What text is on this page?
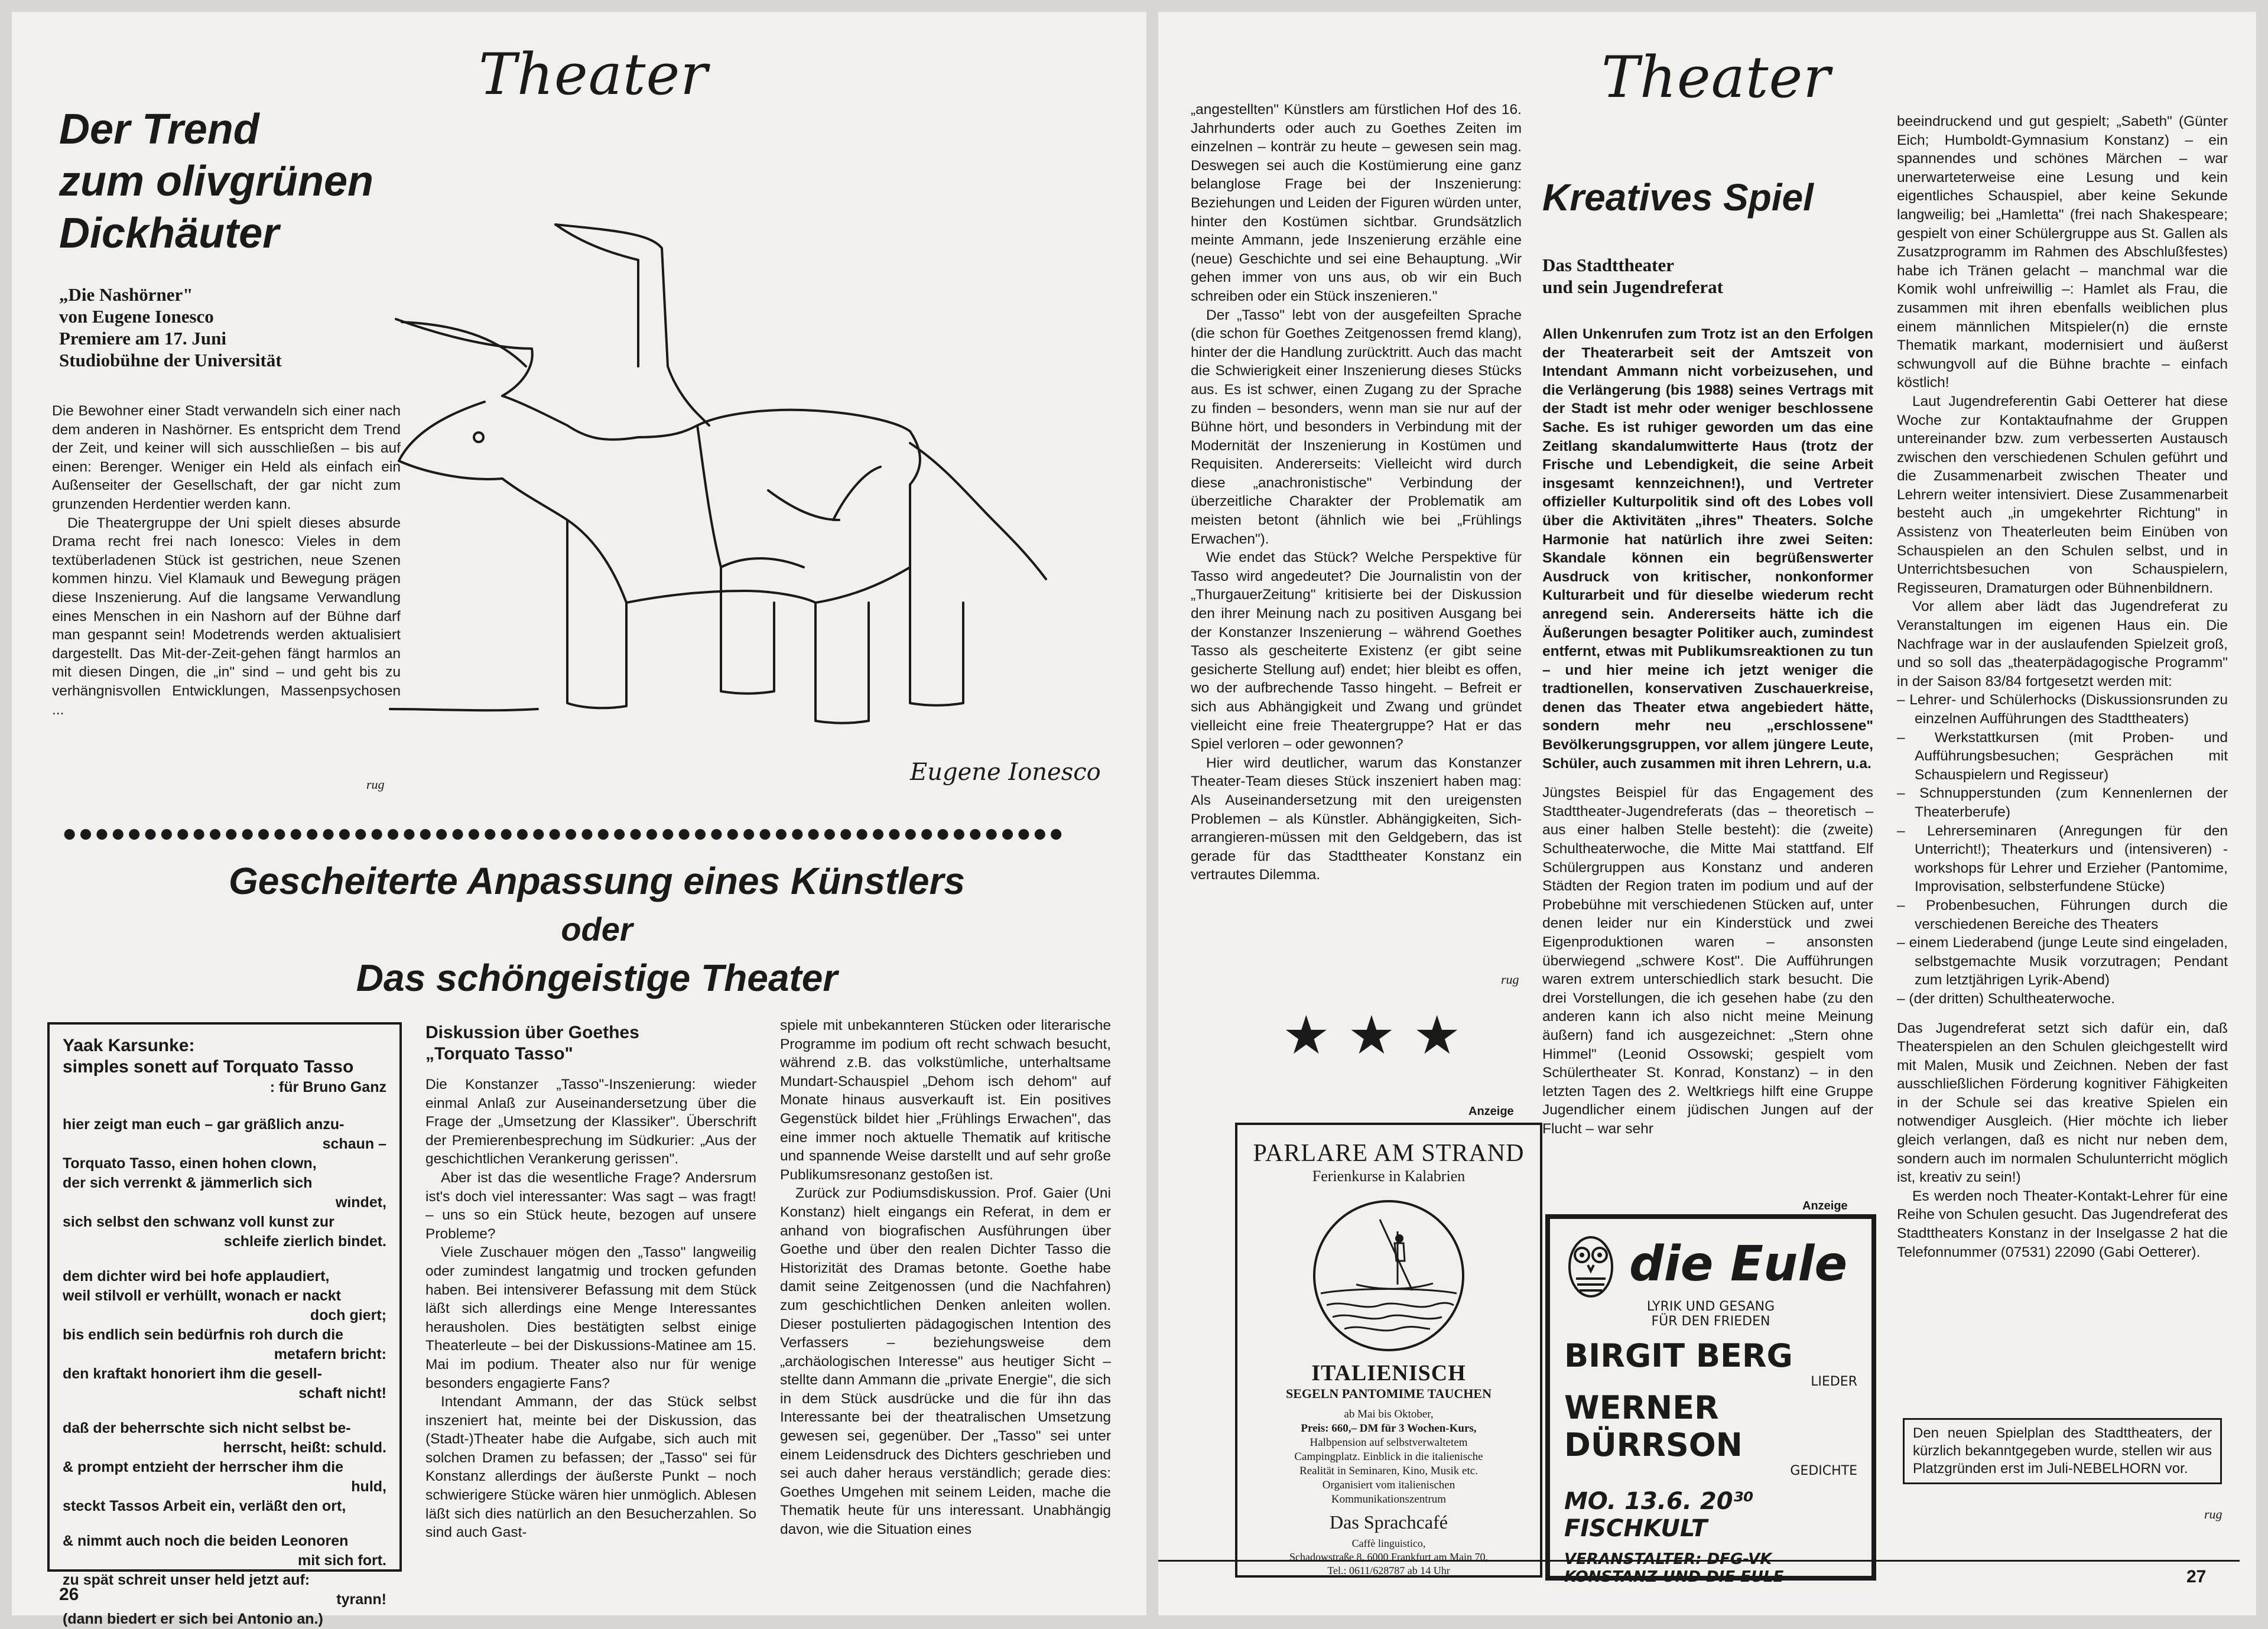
Theater
Der Trend
zum olivgrünen
Dickhäuter
„Die Nashörner"
von Eugene Ionesco
Premiere am 17. Juni
Studiobühne der Universität

Die Bewohner einer Stadt verwandeln sich einer nach dem anderen in Nashörner. Es entspricht dem Trend der Zeit, und keiner will sich ausschließen – bis auf einen: Berenger. Weniger ein Held als einfach ein Außenseiter der Gesellschaft, der gar nicht zum grunzenden Herdentier werden kann.

Die Theatergruppe der Uni spielt dieses absurde Drama recht frei nach Ionesco: Vieles in dem textüberladenen Stück ist gestrichen, neue Szenen kommen hinzu. Viel Klamauk und Bewegung prägen diese Inszenierung. Auf die langsame Verwandlung eines Menschen in ein Nashorn auf der Bühne darf man gespannt sein! Modetrends werden aktualisiert dargestellt. Das Mit-der-Zeit-gehen fängt harmlos an mit diesen Dingen, die „in" sind – und geht bis zu verhängnisvollen Entwicklungen, Massenpsychosen ...

rug	Eugene Ionesco
●●●●●●●●●●●●●●●●●●●●●●●●●●●●●●●●●●●●●●●●●●●●●●●●●●●●●●●●●●●●●●
Gescheiterte Anpassung eines Künstlers
oder
Das schöngeistige Theater
Yaak Karsunke:
simples sonett auf Torquato Tasso
: für Bruno Ganz
hier zeigt man euch – gar gräßlich anzu-
schaun –
Torquato Tasso, einen hohen clown,
der sich verrenkt & jämmerlich sich
windet,
sich selbst den schwanz voll kunst zur
schleife zierlich bindet.
dem dichter wird bei hofe applaudiert,
weil stilvoll er verhüllt, wonach er nackt
doch giert;
bis endlich sein bedürfnis roh durch die
metafern bricht:
den kraftakt honoriert ihm die gesell-
schaft nicht!
daß der beherrschte sich nicht selbst be-
herrscht, heißt: schuld.
& prompt entzieht der herrscher ihm die
huld,
steckt Tassos Arbeit ein, verläßt den ort,
& nimmt auch noch die beiden Leonoren
mit sich fort.
zu spät schreit unser held jetzt auf:
tyrann!
(dann biedert er sich bei Antonio an.)
Diskussion über Goethes
„Torquato Tasso"

Die Konstanzer „Tasso"-Inszenierung: wieder einmal Anlaß zur Auseinandersetzung über die Frage der „Umsetzung der Klassiker". Überschrift der Premierenbesprechung im Südkurier: „Aus der geschichtlichen Verankerung gerissen".

Aber ist das die wesentliche Frage? Andersrum ist's doch viel interessanter: Was sagt – was fragt! – uns so ein Stück heute, bezogen auf unsere Probleme?

Viele Zuschauer mögen den „Tasso" langweilig oder zumindest langatmig und trocken gefunden haben. Bei intensiverer Befassung mit dem Stück läßt sich allerdings eine Menge Interessantes herausholen. Dies bestätigten selbst einige Theaterleute – bei der Diskussions-Matinee am 15. Mai im podium. Theater also nur für wenige besonders engagierte Fans?

Intendant Ammann, der das Stück selbst inszeniert hat, meinte bei der Diskussion, das (Stadt-)Theater habe die Aufgabe, sich auch mit solchen Dramen zu befassen; der „Tasso" sei für Konstanz allerdings der äußerste Punkt – noch schwierigere Stücke wären hier unmöglich. Ablesen läßt sich dies natürlich an den Besucherzahlen. So sind auch Gast-

spiele mit unbekannteren Stücken oder literarische Programme im podium oft recht schwach besucht, während z.B. das volkstümliche, unterhaltsame Mundart-Schauspiel „Dehom isch dehom" auf Monate hinaus ausverkauft ist. Ein positives Gegenstück bildet hier „Frühlings Erwachen", das eine immer noch aktuelle Thematik auf kritische und spannende Weise darstellt und auf sehr große Publikumsresonanz gestoßen ist.

Zurück zur Podiumsdiskussion. Prof. Gaier (Uni Konstanz) hielt eingangs ein Referat, in dem er anhand von biografischen Ausführungen über Goethe und über den realen Dichter Tasso die Historizität des Dramas betonte. Goethe habe damit seine Zeitgenossen (und die Nachfahren) zum geschichtlichen Denken anleiten wollen. Dieser postulierten pädagogischen Intention des Verfassers – beziehungsweise dem „archäologischen Interesse" aus heutiger Sicht – stellte dann Ammann die „private Energie", die sich in dem Stück ausdrücke und die für ihn das Interessante bei der theatralischen Umsetzung gewesen sei, gegenüber. Der „Tasso" sei unter einem Leidensdruck des Dichters geschrieben und sei auch daher heraus verständlich; gerade dies: Goethes Umgehen mit seinem Leiden, mache die Thematik heute für uns interessant. Unabhängig davon, wie die Situation eines

26
Theater

„angestellten" Künstlers am fürstlichen Hof des 16. Jahrhunderts oder auch zu Goethes Zeiten im einzelnen – konträr zu heute – gewesen sein mag. Deswegen sei auch die Kostümierung eine ganz belanglose Frage bei der Inszenierung: Beziehungen und Leiden der Figuren würden unter, hinter den Kostümen sichtbar. Grundsätzlich meinte Ammann, jede Inszenierung erzähle eine (neue) Geschichte und sei eine Behauptung. „Wir gehen immer von uns aus, ob wir ein Buch schreiben oder ein Stück inszenieren."

Der „Tasso" lebt von der ausgefeilten Sprache (die schon für Goethes Zeitgenossen fremd klang), hinter der die Handlung zurücktritt. Auch das macht die Schwierigkeit einer Inszenierung dieses Stücks aus. Es ist schwer, einen Zugang zu der Sprache zu finden – besonders, wenn man sie nur auf der Bühne hört, und besonders in Verbindung mit der Modernität der Inszenierung in Kostümen und Requisiten. Andererseits: Vielleicht wird durch diese „anachronistische" Verbindung der überzeitliche Charakter der Problematik am meisten betont (ähnlich wie bei „Frühlings Erwachen").

Wie endet das Stück? Welche Perspektive für Tasso wird angedeutet? Die Journalistin von der „ThurgauerZeitung" kritisierte bei der Diskussion den ihrer Meinung nach zu positiven Ausgang bei der Konstanzer Inszenierung – während Goethes Tasso als gescheiterte Existenz (er gibt seine gesicherte Stellung auf) endet; hier bleibt es offen, wo der aufbrechende Tasso hingeht. – Befreit er sich aus Abhängigkeit und Zwang und gründet vielleicht eine freie Theatergruppe? Hat er das Spiel verloren – oder gewonnen?

Hier wird deutlicher, warum das Konstanzer Theater-Team dieses Stück inszeniert haben mag: Als Auseinandersetzung mit den ureigensten Problemen – als Künstler. Abhängigkeiten, Sich-arrangieren-müssen mit den Geldgebern, das ist gerade für das Stadttheater Konstanz ein vertrautes Dilemma.

rug
★★★
Anzeige
PARLARE AM STRAND
Ferienkurse in Kalabrien
ITALIENISCH
SEGELN PANTOMIME TAUCHEN
ab Mai bis Oktober,
Preis: 660,– DM für 3 Wochen-Kurs,
Halbpension auf selbstverwaltetem
Campingplatz. Einblick in die italienische
Realität in Seminaren, Kino, Musik etc.
Organisiert vom italienischen
Kommunikationszentrum
Das Sprachcafé
Caffè linguistico,
Schadowstraße 8, 6000 Frankfurt am Main 70,
Tel.: 0611/628787 ab 14 Uhr
Kreatives Spiel
Das Stadttheater
und sein Jugendreferat

Allen Unkenrufen zum Trotz ist an den Erfolgen der Theaterarbeit seit der Amtszeit von Intendant Ammann nicht vorbeizusehen, und die Verlängerung (bis 1988) seines Vertrags mit der Stadt ist mehr oder weniger beschlossene Sache. Es ist ruhiger geworden um das eine Zeitlang skandalumwitterte Haus (trotz der Frische und Lebendigkeit, die seine Arbeit insgesamt kennzeichnen!), und Vertreter offizieller Kulturpolitik sind oft des Lobes voll über die Aktivitäten „ihres" Theaters. Solche Harmonie hat natürlich ihre zwei Seiten: Skandale können ein begrüßenswerter Ausdruck von kritischer, nonkonformer Kulturarbeit und für dieselbe wiederum recht anregend sein. Andererseits hätte ich die Äußerungen besagter Politiker auch, zumindest entfernt, etwas mit Publikumsreaktionen zu tun – und hier meine ich jetzt weniger die tradtionellen, konservativen Zuschauerkreise, denen das Theater etwa angebiedert hätte, sondern mehr neu „erschlossene" Bevölkerungsgruppen, vor allem jüngere Leute, Schüler, auch zusammen mit ihren Lehrern, u.a.

Jüngstes Beispiel für das Engagement des Stadttheater-Jugendreferats (das – theoretisch – aus einer halben Stelle besteht): die (zweite) Schultheaterwoche, die Mitte Mai stattfand. Elf Schülergruppen aus Konstanz und anderen Städten der Region traten im podium und auf der Probebühne mit verschiedenen Stücken auf, unter denen leider nur ein Kinderstück und zwei Eigenproduktionen waren – ansonsten überwiegend „schwere Kost". Die Aufführungen waren extrem unterschiedlich stark besucht. Die drei Vorstellungen, die ich gesehen habe (zu den anderen kann ich also nicht meine Meinung äußern) fand ich ausgezeichnet: „Stern ohne Himmel" (Leonid Ossowski; gespielt vom Schülertheater St. Konrad, Konstanz) – in den letzten Tagen des 2. Weltkriegs hilft eine Gruppe Jugendlicher einem jüdischen Jungen auf der Flucht – war sehr

Anzeige
die Eule
LYRIK UND GESANG
FÜR DEN FRIEDEN
BIRGIT BERG
LIEDER
WERNER DÜRRSON
GEDICHTE
MO. 13.6. 20³⁰ FISCHKULT
VERANSTALTER: DFG-VK
KONSTANZ UND DIE EULE

beeindruckend und gut gespielt; „Sabeth" (Günter Eich; Humboldt-Gymnasium Konstanz) – ein spannendes und schönes Märchen – war unerwarteterweise eine Lesung und kein eigentliches Schauspiel, aber keine Sekunde langweilig; bei „Hamletta" (frei nach Shakespeare; gespielt von einer Schülergruppe aus St. Gallen als Zusatzprogramm im Rahmen des Abschlußfestes) habe ich Tränen gelacht – manchmal war die Komik wohl unfreiwillig –: Hamlet als Frau, die zusammen mit ihren ebenfalls weiblichen plus einem männlichen Mitspieler(n) die ernste Thematik markant, modernisiert und äußerst schwungvoll auf die Bühne brachte – einfach köstlich!

Laut Jugendreferentin Gabi Oetterer hat diese Woche zur Kontaktaufnahme der Gruppen untereinander bzw. zum verbesserten Austausch zwischen den verschiedenen Schulen geführt und die Zusammenarbeit zwischen Theater und Lehrern weiter intensiviert. Diese Zusammenarbeit besteht auch „in umgekehrter Richtung" in Assistenz von Theaterleuten beim Einüben von Schauspielen an den Schulen selbst, und in Unterrichtsbesuchen von Schauspielern, Regisseuren, Dramaturgen oder Bühnenbildnern.

Vor allem aber lädt das Jugendreferat zu Veranstaltungen im eigenen Haus ein. Die Nachfrage war in der auslaufenden Spielzeit groß, und so soll das „theaterpädagogische Programm" in der Saison 83/84 fortgesetzt werden mit:

– Lehrer- und Schülerhocks (Diskussionsrunden zu einzelnen Aufführungen des Stadttheaters)
– Werkstattkursen (mit Proben- und Aufführungsbesuchen; Gesprächen mit Schauspielern und Regisseur)
– Schnupperstunden (zum Kennenlernen der Theaterberufe)
– Lehrerseminaren (Anregungen für den Unterricht!); Theaterkurs und (intensiveren) -workshops für Lehrer und Erzieher (Pantomime, Improvisation, selbsterfundene Stücke)
– Probenbesuchen, Führungen durch die verschiedenen Bereiche des Theaters
– einem Liederabend (junge Leute sind eingeladen, selbstgemachte Musik vorzutragen; Pendant zum letztjährigen Lyrik-Abend)
– (der dritten) Schultheaterwoche.

Das Jugendreferat setzt sich dafür ein, daß Theaterspielen an den Schulen gleichgestellt wird mit Malen, Musik und Zeichnen. Neben der fast ausschließlichen Förderung kognitiver Fähigkeiten in der Schule sei das kreative Spielen ein notwendiger Ausgleich. (Hier möchte ich lieber gleich verlangen, daß es nicht nur neben dem, sondern auch im normalen Schulunterricht möglich ist, kreativ zu sein!)

Es werden noch Theater-Kontakt-Lehrer für eine Reihe von Schulen gesucht. Das Jugendreferat des Stadttheaters Konstanz in der Inselgasse 2 hat die Telefonnummer (07531) 22090 (Gabi Oetterer).

Den neuen Spielplan des Stadttheaters, der kürzlich bekanntgegeben wurde, stellen wir aus Platzgründen erst im Juli-NEBELHORN vor.
rug
27
